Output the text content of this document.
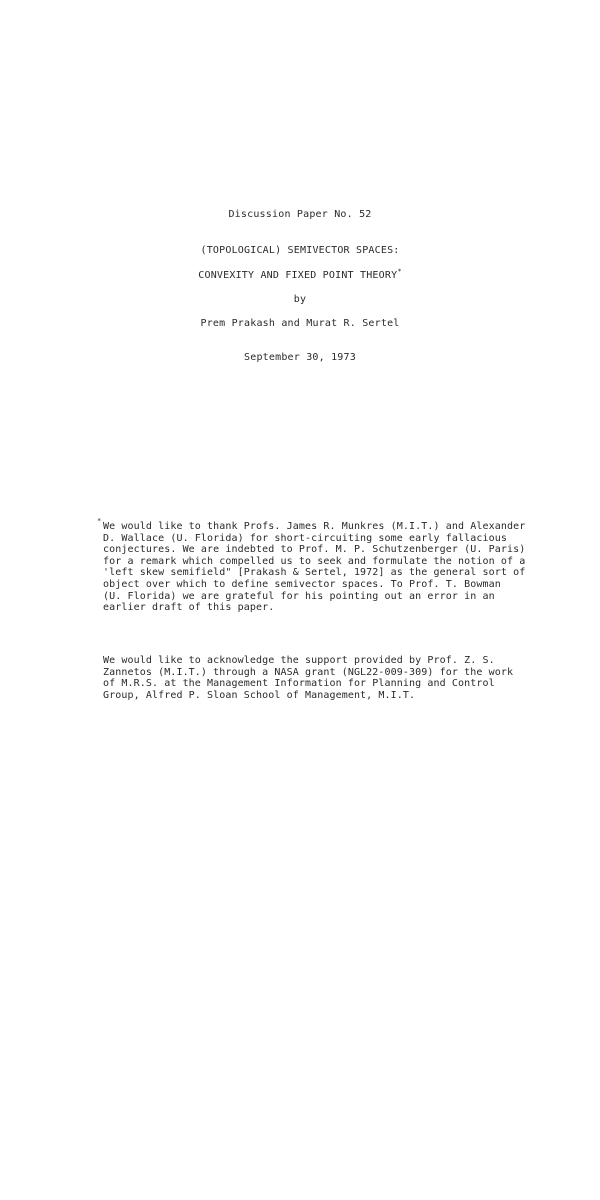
Discussion Paper No. 52
(TOPOLOGICAL) SEMIVECTOR SPACES:
CONVEXITY AND FIXED POINT THEORY*
by
Prem Prakash and Murat R. Sertel
September 30, 1973
* We would like to thank Profs. James R. Munkres (M.I.T.) and Alexander
D. Wallace (U. Florida) for short-circuiting some early fallacious
conjectures. We are indebted to Prof. M. P. Schutzenberger (U. Paris)
for a remark which compelled us to seek and formulate the notion of a
'left skew semifield" [Prakash & Sertel, 1972] as the general sort of
object over which to define semivector spaces. To Prof. T. Bowman
(U. Florida) we are grateful for his pointing out an error in an
earlier draft of this paper.
We would like to acknowledge the support provided by Prof. Z. S.
Zannetos (M.I.T.) through a NASA grant (NGL22-009-309) for the work
of M.R.S. at the Management Information for Planning and Control
Group, Alfred P. Sloan School of Management, M.I.T.
